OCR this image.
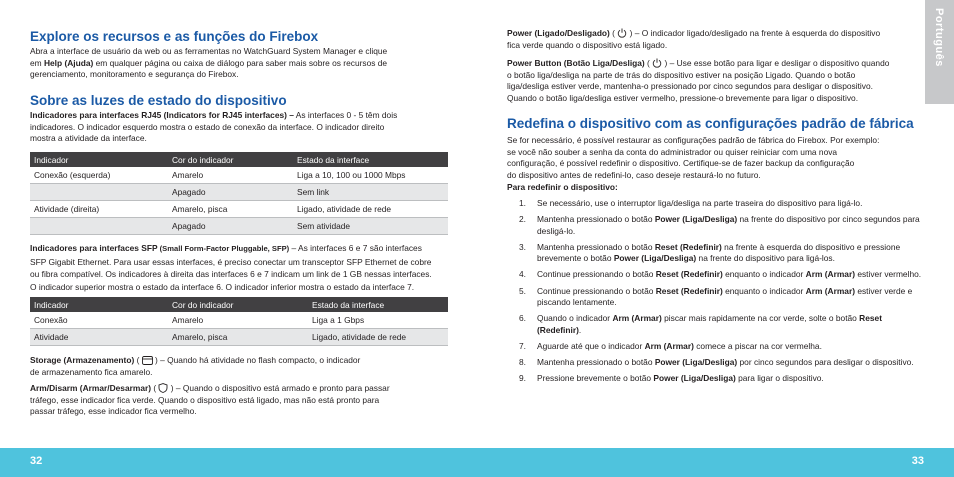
Explore os recursos e as funções do Firebox

Abra a interface de usuário da web ou as ferramentas no WatchGuard System Manager e clique

em Help (Ajuda) em qualquer página ou caixa de diálogo para saber mais sobre os recursos de

gerenciamento, monitoramento e segurança do Firebox.

Sobre as luzes de estado do dispositivo

Indicadores para interfaces RJ45 (Indicators for RJ45 interfaces) – As interfaces 0 - 5 têm dois

indicadores. O indicador esquerdo mostra o estado de conexão da interface. O indicador direito

mostra a atividade da interface.

Indicador	Cor do indicador	Estado da interface
Conexão (esquerda)	Amarelo	Liga a 10, 100 ou 1000 Mbps
	Apagado	Sem link
Atividade (direita)	Amarelo, pisca	Ligado, atividade de rede
	Apagado	Sem atividade

Indicadores para interfaces SFP (Small Form-Factor Pluggable, SFP) – As interfaces 6 e 7 são interfaces

SFP Gigabit Ethernet. Para usar essas interfaces, é preciso conectar um transceptor SFP Ethernet de cobre

ou fibra compatível. Os indicadores à direita das interfaces 6 e 7 indicam um link de 1 GB nessas interfaces.

O indicador superior mostra o estado da interface 6. O indicador inferior mostra o estado da interface 7.

Indicador	Cor do indicador	Estado da interface
Conexão	Amarelo	Liga a 1 Gbps
Atividade	Amarelo, pisca	Ligado, atividade de rede

Storage (Armazenamento) (  ) – Quando há atividade no flash compacto, o indicador

de armazenamento fica amarelo.

Arm/Disarm (Armar/Desarmar) (  ) – Quando o dispositivo está armado e pronto para passar

tráfego, esse indicador fica verde. Quando o dispositivo está ligado, mas não está pronto para

passar tráfego, esse indicador fica vermelho.

Power (Ligado/Desligado) (  ) – O indicador ligado/desligado na frente à esquerda do dispositivo

fica verde quando o dispositivo está ligado.

Power Button (Botão Liga/Desliga) (  ) – Use esse botão para ligar e desligar o dispositivo quando

o botão liga/desliga na parte de trás do dispositivo estiver na posição Ligado. Quando o botão

liga/desliga estiver verde, mantenha-o pressionado por cinco segundos para desligar o dispositivo.

Quando o botão liga/desliga estiver vermelho, pressione-o brevemente para ligar o dispositivo.

Redefina o dispositivo com as configurações padrão de fábrica

Se for necessário, é possível restaurar as configurações padrão de fábrica do Firebox. Por exemplo:

se você não souber a senha da conta do administrador ou quiser reiniciar com uma nova

configuração, é possível redefinir o dispositivo. Certifique-se de fazer backup da configuração

do dispositivo antes de redefini-lo, caso deseje restaurá-lo no futuro.

Para redefinir o dispositivo:

1. Se necessário, use o interruptor liga/desliga na parte traseira do dispositivo para ligá-lo.
2. Mantenha pressionado o botão Power (Liga/Desliga) na frente do dispositivo por cinco segundos para desligá-lo.
3. Mantenha pressionado o botão Reset (Redefinir) na frente à esquerda do dispositivo e pressione brevemente o botão Power (Liga/Desliga) na frente do dispositivo para ligá-los.
4. Continue pressionando o botão Reset (Redefinir) enquanto o indicador Arm (Armar) estiver vermelho.
5. Continue pressionando o botão Reset (Redefinir) enquanto o indicador Arm (Armar) estiver verde e piscando lentamente.
6. Quando o indicador Arm (Armar) piscar mais rapidamente na cor verde, solte o botão Reset (Redefinir).
7. Aguarde até que o indicador Arm (Armar) comece a piscar na cor vermelha.
8. Mantenha pressionado o botão Power (Liga/Desliga) por cinco segundos para desligar o dispositivo.
9. Pressione brevemente o botão Power (Liga/Desliga) para ligar o dispositivo.
Português
32	33
